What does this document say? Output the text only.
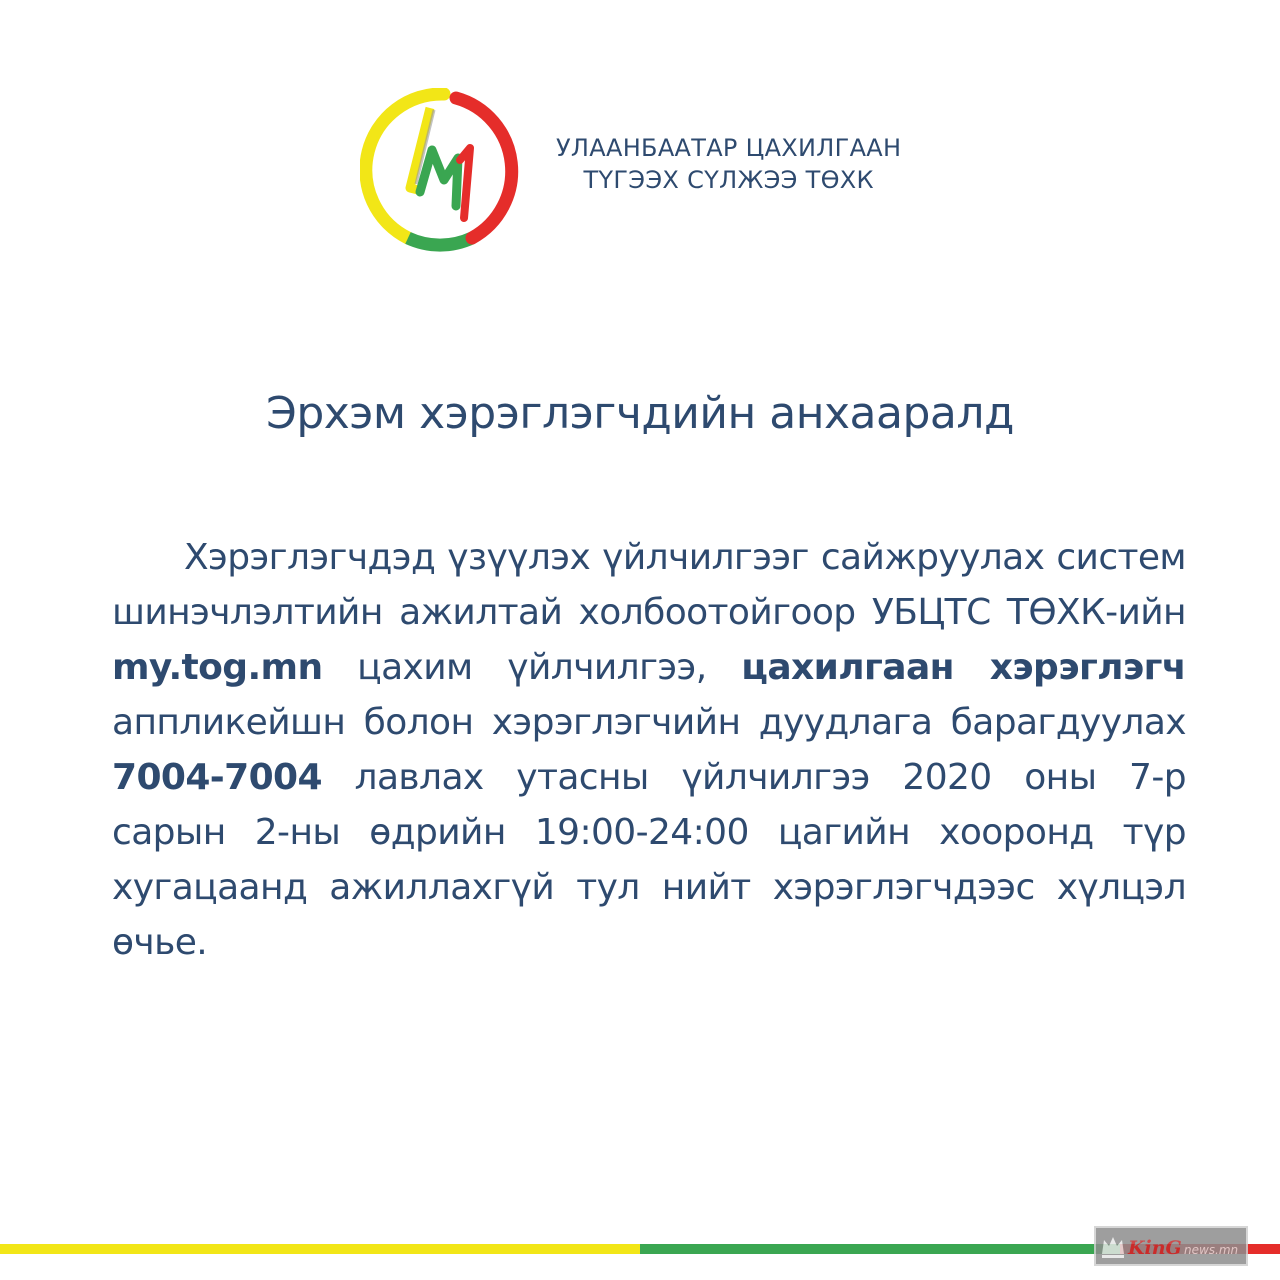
УЛААНБААТАР ЦАХИЛГААН
ТҮГЭЭХ СҮЛЖЭЭ ТӨХК
Эрхэм хэрэглэгчдийн анхааралд

Хэрэглэгчдэд үзүүлэх үйлчилгээг сайжруулах систем шинэчлэлтийн ажилтай холбоотойгоор УБЦТС ТӨХК-ийн my.tog.mn цахим үйлчилгээ, цахилгаан хэрэглэгч аппликейшн болон хэрэглэгчийн дуудлага барагдуулах 7004-7004 лавлах утасны үйлчилгээ 2020 оны 7-р сарын 2-ны өдрийн 19:00-24:00 цагийн хооронд түр хугацаанд ажиллахгүй тул нийт хэрэглэгчдээс хүлцэл өчье.

KinG news.mn
